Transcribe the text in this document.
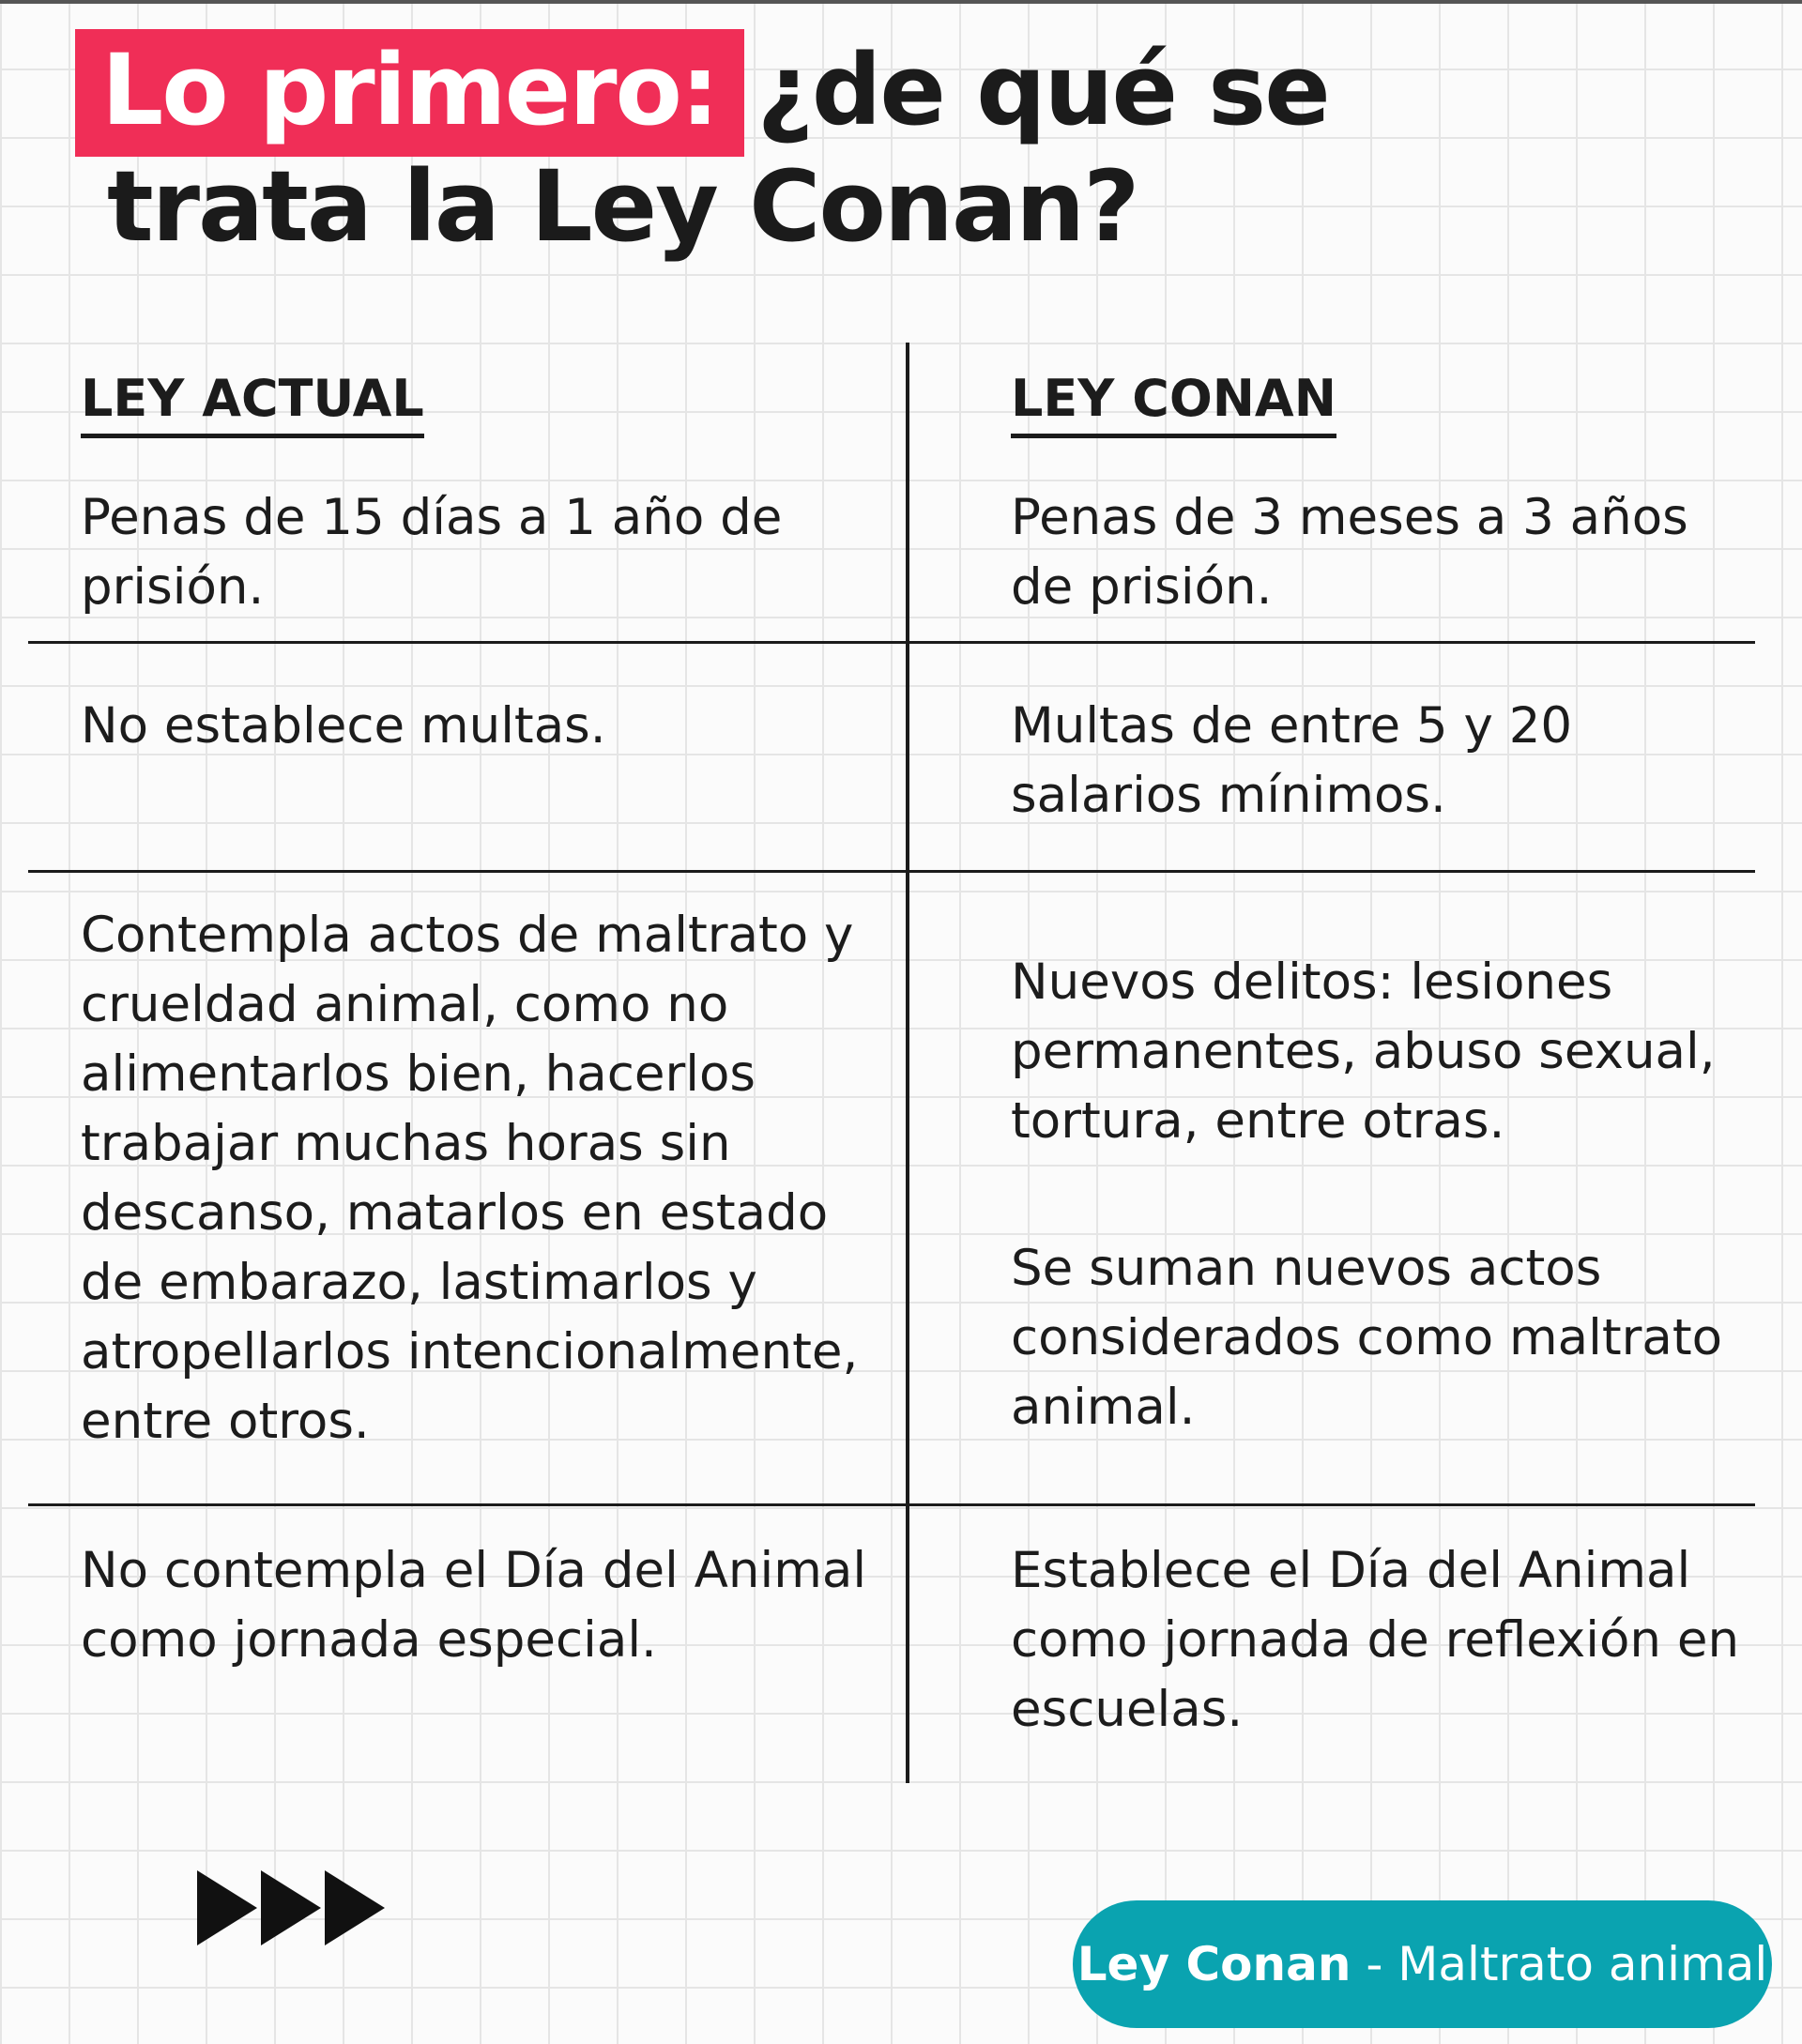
Lo primero: ¿de qué se
trata la Ley Conan?
LEY ACTUAL	LEY CONAN
Penas de 15 días a 1 año de prisión.
Penas de 3 meses a 3 años de prisión.
No establece multas.	Multas de entre 5 y 20 salarios mínimos.
Contempla actos de maltrato y crueldad animal, como no alimentarlos bien, hacerlos trabajar muchas horas sin descanso, matarlos en estado de embarazo, lastimarlos y atropellarlos intencionalmente, entre otros.
Nuevos delitos: lesiones permanentes, abuso sexual, tortura, entre otras.
Se suman nuevos actos considerados como maltrato animal.
No contempla el Día del Animal como jornada especial.
Establece el Día del Animal como jornada de reflexión en escuelas.
Ley Conan - Maltrato animal
